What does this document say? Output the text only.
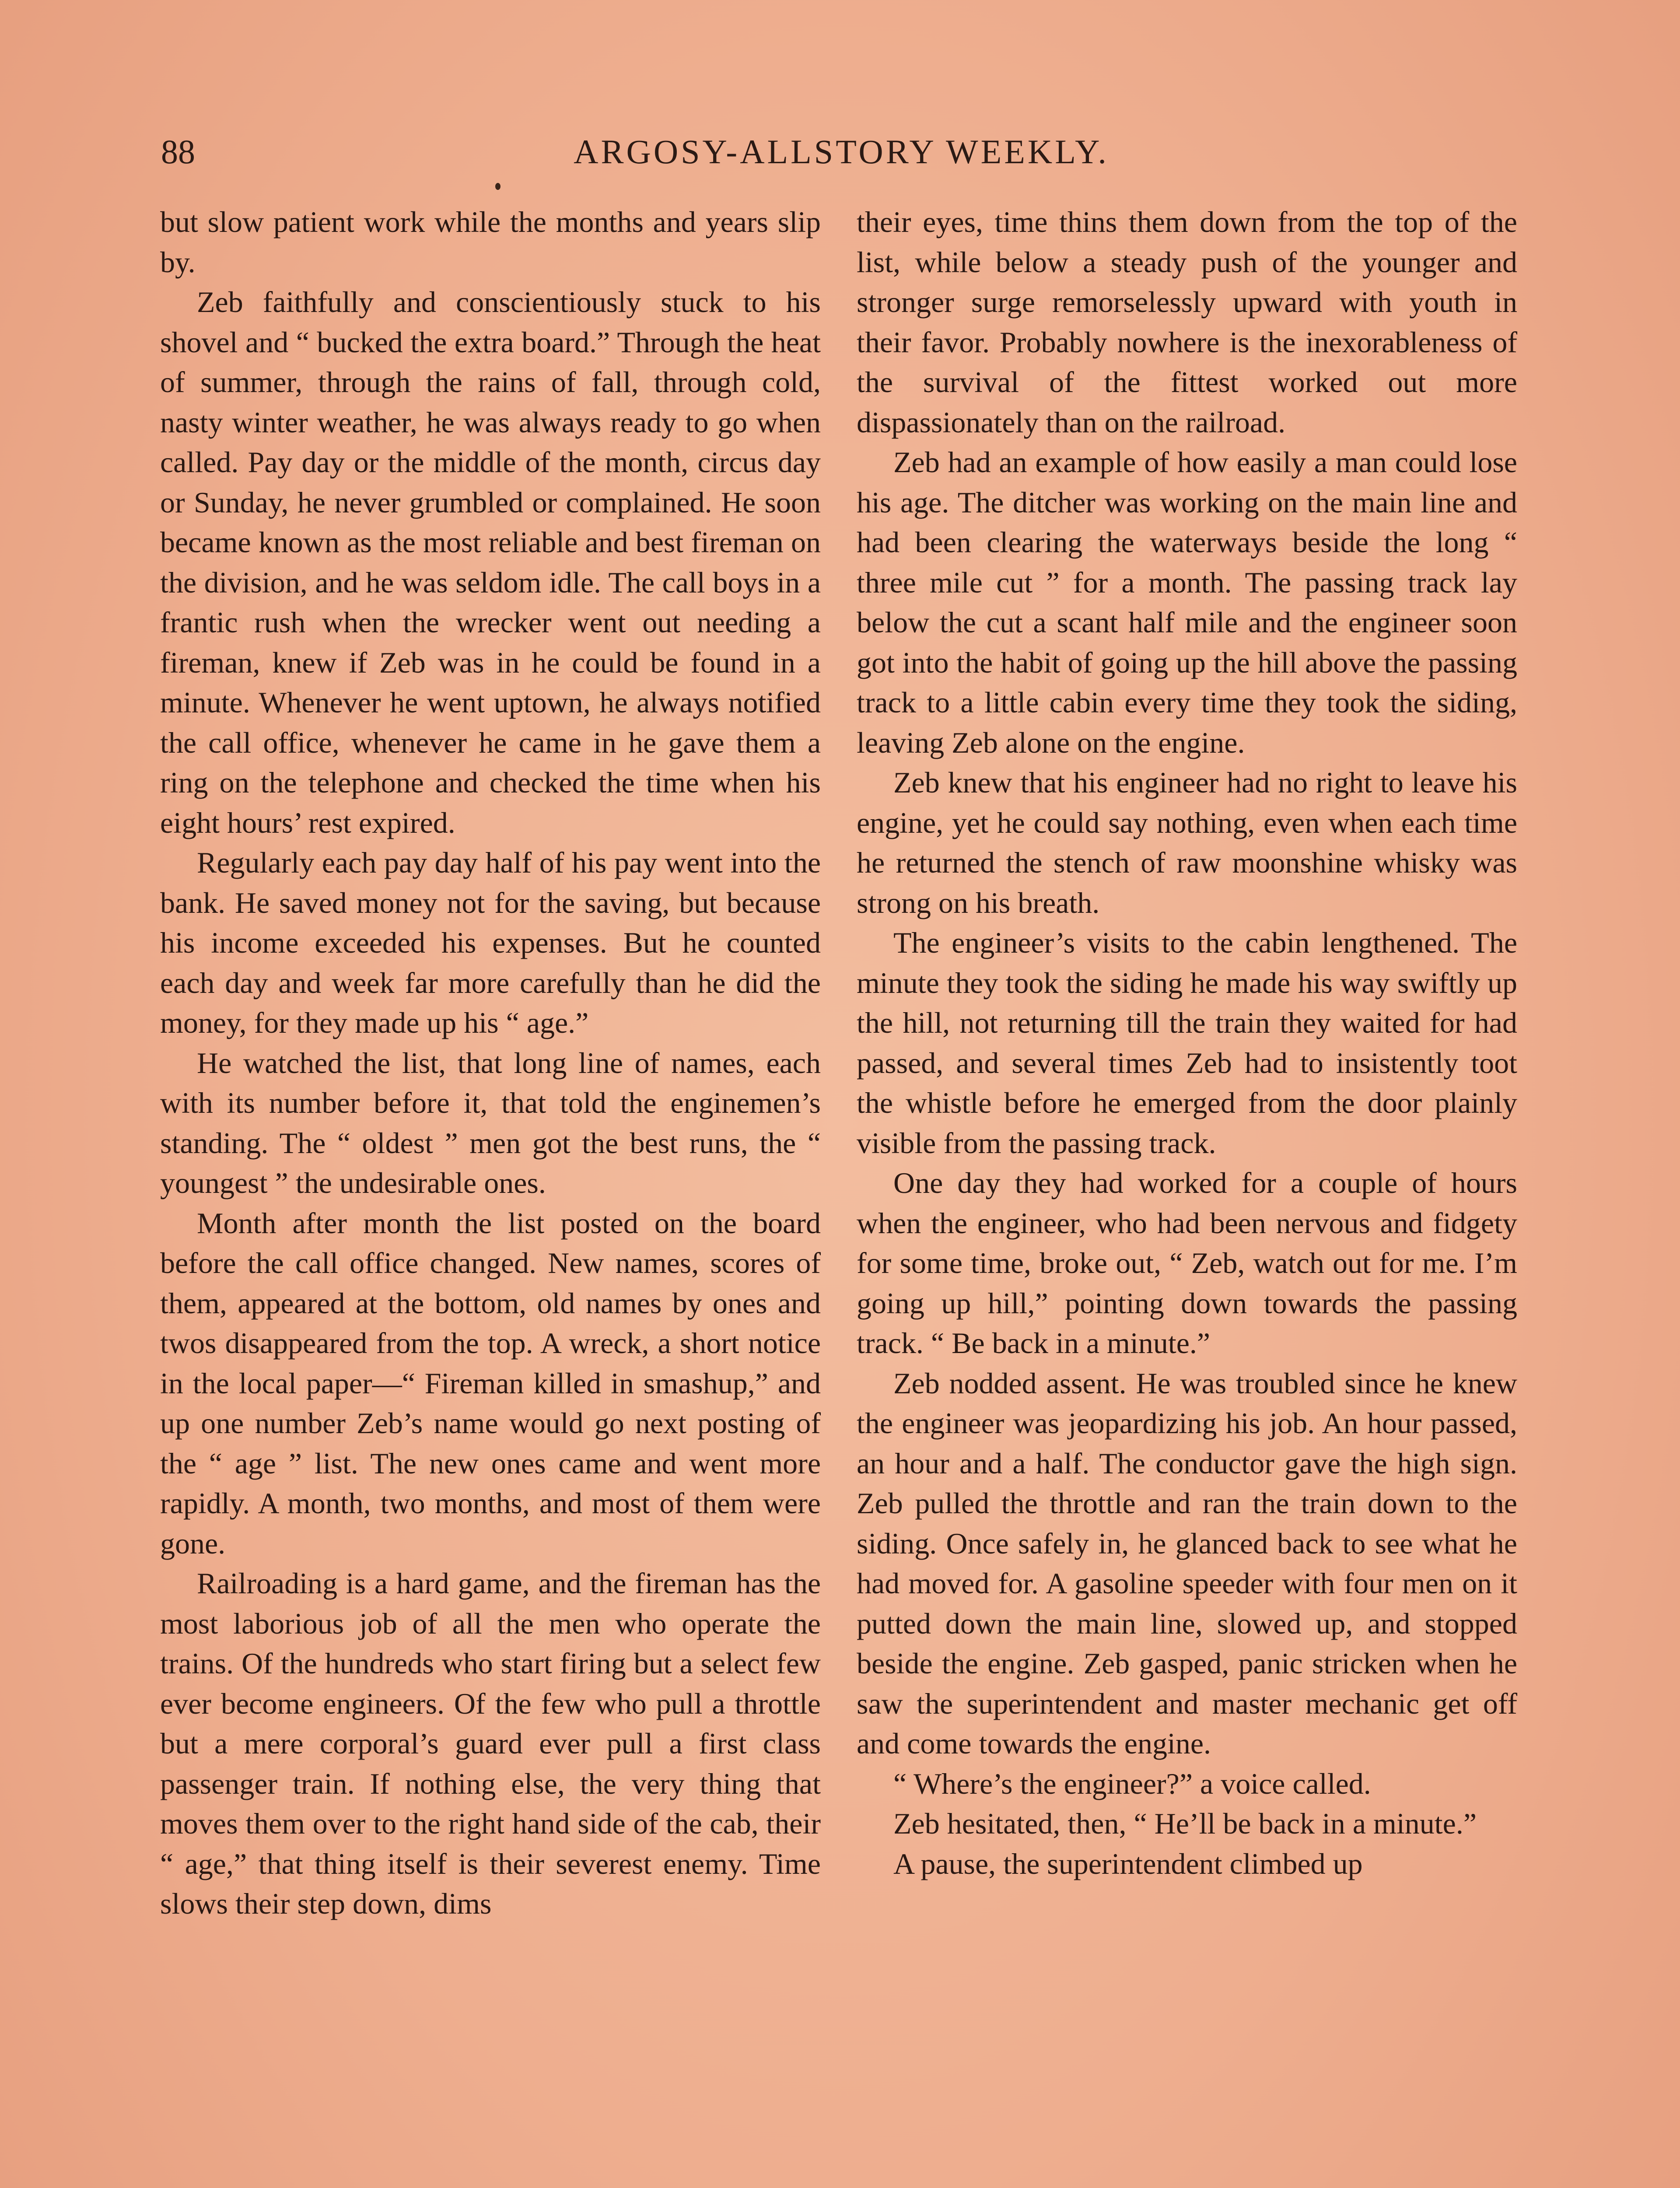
88	ARGOSY-ALLSTORY WEEKLY.

but slow patient work while the months and years slip by.

Zeb faithfully and conscientiously stuck to his shovel and “ bucked the extra board.” Through the heat of summer, through the rains of fall, through cold, nasty winter weather, he was always ready to go when called. Pay day or the middle of the month, circus day or Sunday, he never grumbled or complained. He soon became known as the most reliable and best fireman on the division, and he was seldom idle. The call boys in a frantic rush when the wrecker went out needing a fireman, knew if Zeb was in he could be found in a minute. Whenever he went uptown, he always notified the call office, whenever he came in he gave them a ring on the telephone and checked the time when his eight hours’ rest expired.

Regularly each pay day half of his pay went into the bank. He saved money not for the saving, but because his income exceeded his expenses. But he counted each day and week far more carefully than he did the money, for they made up his “ age.”

He watched the list, that long line of names, each with its number before it, that told the enginemen’s standing. The “ oldest ” men got the best runs, the “ youngest ” the undesirable ones.

Month after month the list posted on the board before the call office changed. New names, scores of them, appeared at the bottom, old names by ones and twos disappeared from the top. A wreck, a short notice in the local paper—“ Fireman killed in smashup,” and up one number Zeb’s name would go next posting of the “ age ” list. The new ones came and went more rapidly. A month, two months, and most of them were gone.

Railroading is a hard game, and the fireman has the most laborious job of all the men who operate the trains. Of the hundreds who start firing but a select few ever become engineers. Of the few who pull a throttle but a mere corporal’s guard ever pull a first class passenger train. If nothing else, the very thing that moves them over to the right hand side of the cab, their “ age,” that thing itself is their severest enemy. Time slows their step down, dims

their eyes, time thins them down from the top of the list, while below a steady push of the younger and stronger surge remorselessly upward with youth in their favor. Probably nowhere is the inexorableness of the survival of the fittest worked out more dispassionately than on the railroad.

Zeb had an example of how easily a man could lose his age. The ditcher was working on the main line and had been clearing the waterways beside the long “ three mile cut ” for a month. The passing track lay below the cut a scant half mile and the engineer soon got into the habit of going up the hill above the passing track to a little cabin every time they took the siding, leaving Zeb alone on the engine.

Zeb knew that his engineer had no right to leave his engine, yet he could say nothing, even when each time he returned the stench of raw moonshine whisky was strong on his breath.

The engineer’s visits to the cabin lengthened. The minute they took the siding he made his way swiftly up the hill, not returning till the train they waited for had passed, and several times Zeb had to insistently toot the whistle before he emerged from the door plainly visible from the passing track.

One day they had worked for a couple of hours when the engineer, who had been nervous and fidgety for some time, broke out, “ Zeb, watch out for me. I’m going up hill,” pointing down towards the passing track. “ Be back in a minute.”

Zeb nodded assent. He was troubled since he knew the engineer was jeopardizing his job. An hour passed, an hour and a half. The conductor gave the high sign. Zeb pulled the throttle and ran the train down to the siding. Once safely in, he glanced back to see what he had moved for. A gasoline speeder with four men on it putted down the main line, slowed up, and stopped beside the engine. Zeb gasped, panic stricken when he saw the superintendent and master mechanic get off and come towards the engine.

“ Where’s the engineer?” a voice called.

Zeb hesitated, then, “ He’ll be back in a minute.”

A pause, the superintendent climbed up
